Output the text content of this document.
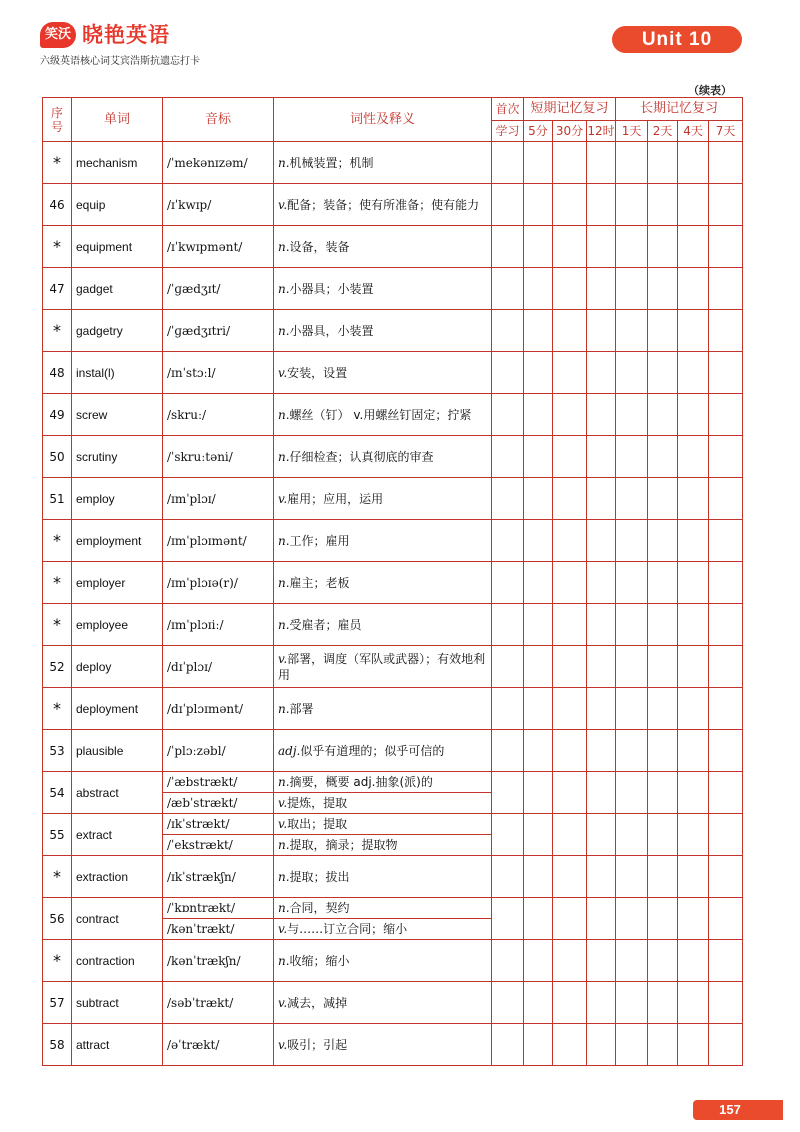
笑沃 晓艳英语
六级英语核心词艾宾浩斯抗遗忘打卡
Unit 10
（续表）
序号	单词	音标	词性及释义	首次	短期记忆复习			长期记忆复习			
				学习	5分	30分	12时	1天	2天	4天	7天
*	mechanism	/ˈmekənɪzəm/	n.机械装置；机制								
46	equip	/ɪˈkwɪp/	v.配备；装备；使有所准备；使有能力								
*	equipment	/ɪˈkwɪpmənt/	n.设备，装备								
47	gadget	/ˈɡædʒɪt/	n.小器具；小装置								
*	gadgetry	/ˈɡædʒɪtri/	n.小器具，小装置								
48	instal(l)	/ɪnˈstɔːl/	v.安装，设置								
49	screw	/skruː/	n.螺丝（钉） v.用螺丝钉固定；拧紧								
50	scrutiny	/ˈskruːtəni/	n.仔细检查；认真彻底的审查								
51	employ	/ɪmˈplɔɪ/	v.雇用；应用，运用								
*	employment	/ɪmˈplɔɪmənt/	n.工作；雇用								
*	employer	/ɪmˈplɔɪə(r)/	n.雇主；老板								
*	employee	/ɪmˈplɔɪiː/	n.受雇者；雇员								
52	deploy	/dɪˈplɔɪ/	v.部署，调度（军队或武器）；有效地利用								
*	deployment	/dɪˈplɔɪmənt/	n.部署								
53	plausible	/ˈplɔːzəbl/	adj.似乎有道理的；似乎可信的								
54	abstract	/ˈæbstrækt/	n.摘要，概要 adj.抽象(派)的								
		/æbˈstrækt/	v.提炼，提取								
55	extract	/ɪkˈstrækt/	v.取出；提取								
		/ˈekstrækt/	n.提取，摘录；提取物								
*	extraction	/ɪkˈstrækʃn/	n.提取；拔出								
56	contract	/ˈkɒntrækt/	n.合同，契约								
		/kənˈtrækt/	v.与……订立合同；缩小								
*	contraction	/kənˈtrækʃn/	n.收缩；缩小								
57	subtract	/səbˈtrækt/	v.减去，减掉								
58	attract	/əˈtrækt/	v.吸引；引起								
157
